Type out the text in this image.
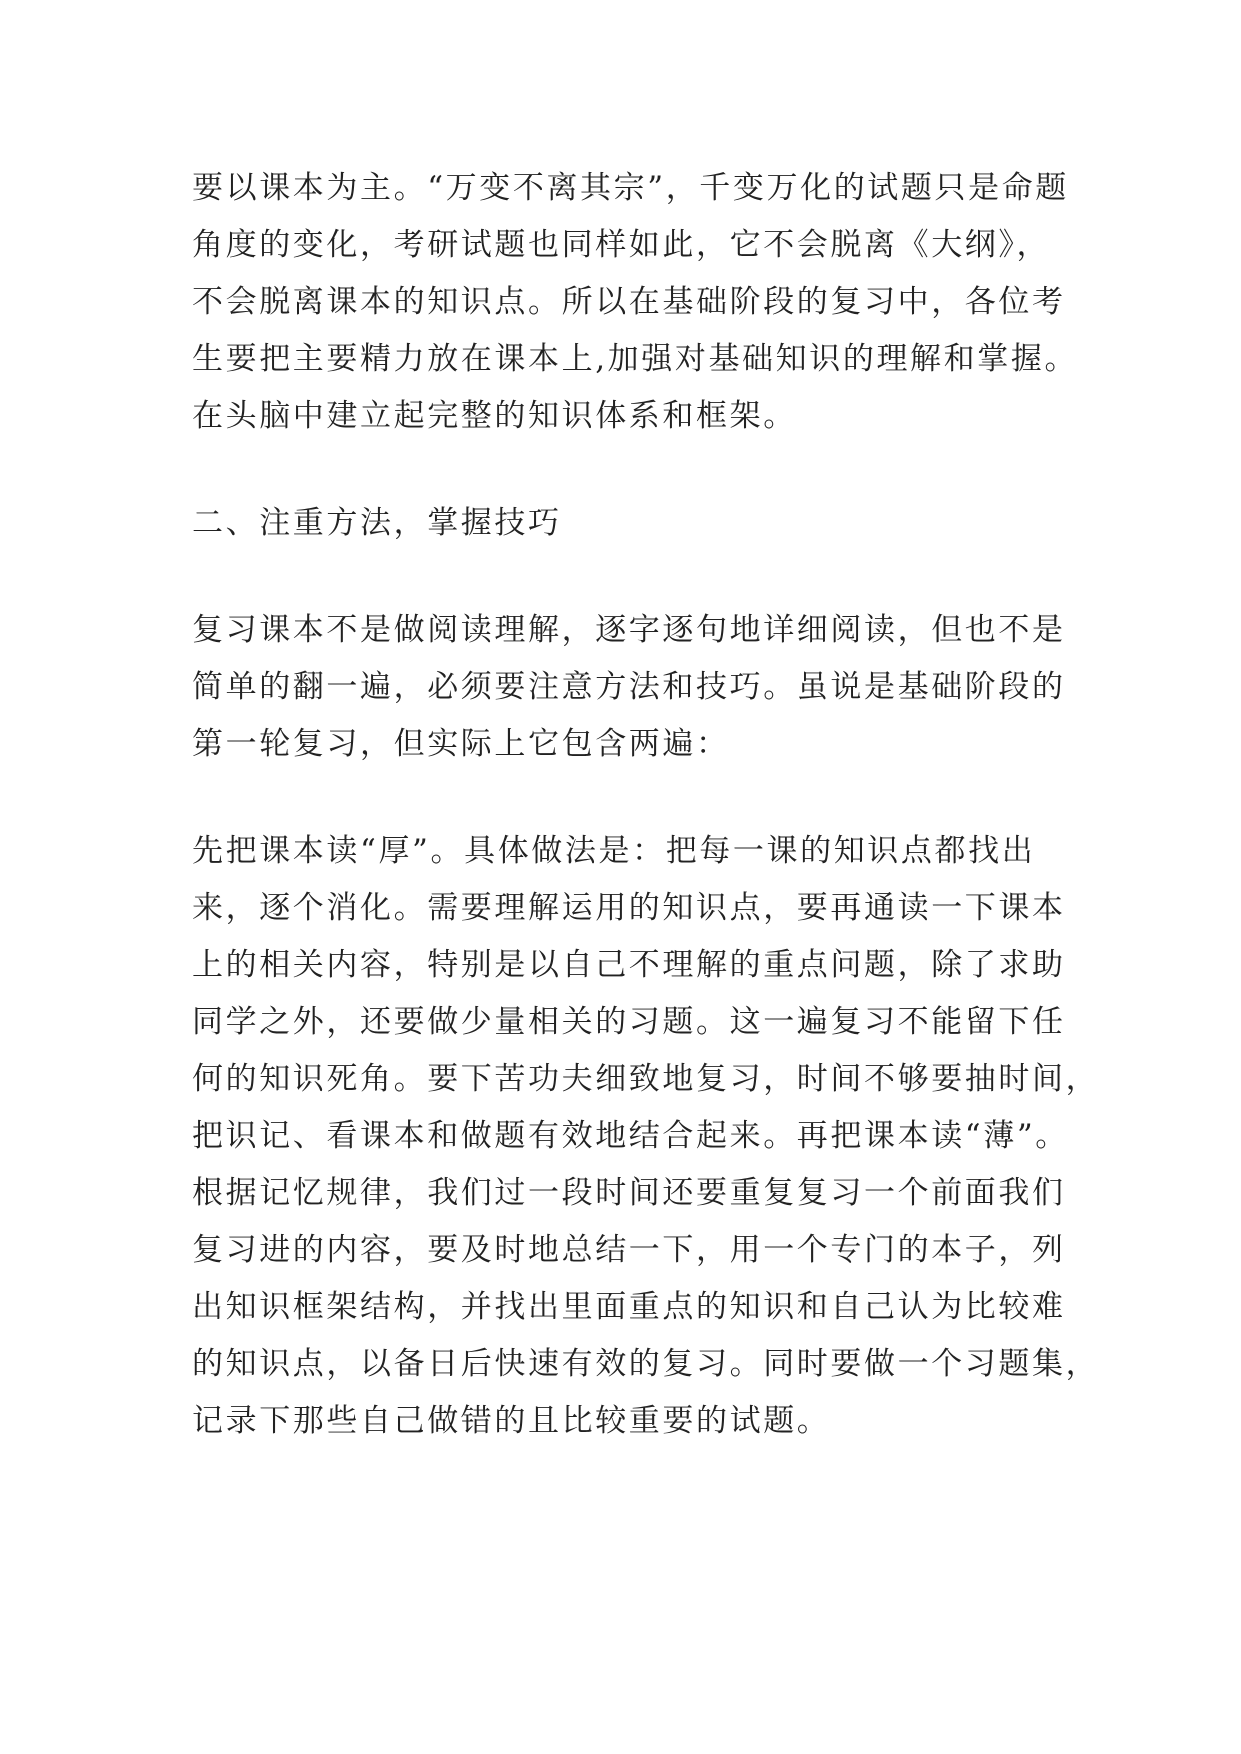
要以课本为主。“万变不离其宗”，千变万化的试题只是命题
角度的变化，考研试题也同样如此，它不会脱离《大纲》，
不会脱离课本的知识点。所以在基础阶段的复习中，各位考
生要把主要精力放在课本上,加强对基础知识的理解和掌握。
在头脑中建立起完整的知识体系和框架。
二、注重方法，掌握技巧
复习课本不是做阅读理解，逐字逐句地详细阅读，但也不是
简单的翻一遍，必须要注意方法和技巧。虽说是基础阶段的
第一轮复习，但实际上它包含两遍：
先把课本读“厚”。具体做法是：把每一课的知识点都找出
来，逐个消化。需要理解运用的知识点，要再通读一下课本
上的相关内容，特别是以自己不理解的重点问题，除了求助
同学之外，还要做少量相关的习题。这一遍复习不能留下任
何的知识死角。要下苦功夫细致地复习，时间不够要抽时间，
把识记、看课本和做题有效地结合起来。再把课本读“薄”。
根据记忆规律，我们过一段时间还要重复复习一个前面我们
复习进的内容，要及时地总结一下，用一个专门的本子，列
出知识框架结构，并找出里面重点的知识和自己认为比较难
的知识点，以备日后快速有效的复习。同时要做一个习题集，
记录下那些自己做错的且比较重要的试题。
